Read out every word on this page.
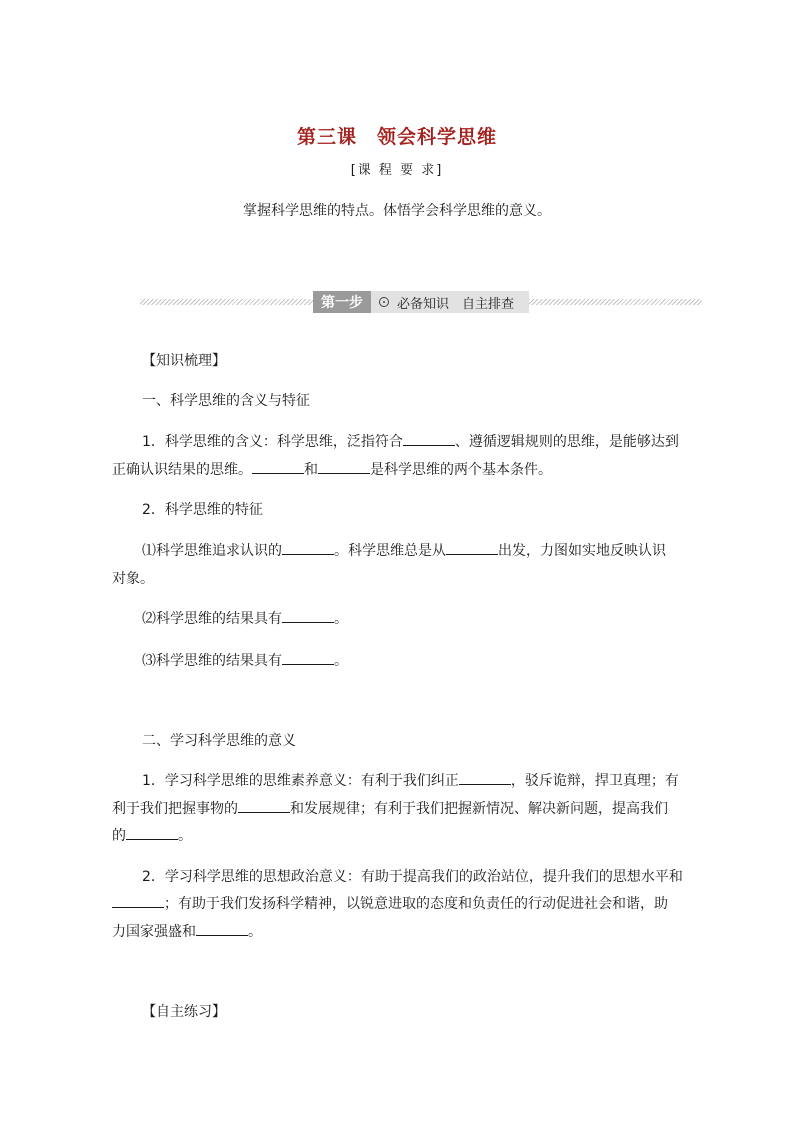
第三课　领会科学思维
[课 程 要 求]
掌握科学思维的特点。体悟学会科学思维的意义。
第一步	必备知识　自主排查
【知识梳理】
一、科学思维的含义与特征
1．科学思维的含义：科学思维，泛指符合	、遵循逻辑规则的思维，是能够达到
正确认识结果的思维。	和	是科学思维的两个基本条件。
2．科学思维的特征
⑴科学思维追求认识的	。科学思维总是从	出发，力图如实地反映认识
对象。
⑵科学思维的结果具有	。
⑶科学思维的结果具有	。
二、学习科学思维的意义
1．学习科学思维的思维素养意义：有利于我们纠正	，驳斥诡辩，捍卫真理；有
利于我们把握事物的	和发展规律；有利于我们把握新情况、解决新问题，提高我们
的	。
2．学习科学思维的思想政治意义：有助于提高我们的政治站位，提升我们的思想水平和
；有助于我们发扬科学精神，以锐意进取的态度和负责任的行动促进社会和谐，助
力国家强盛和	。
【自主练习】
